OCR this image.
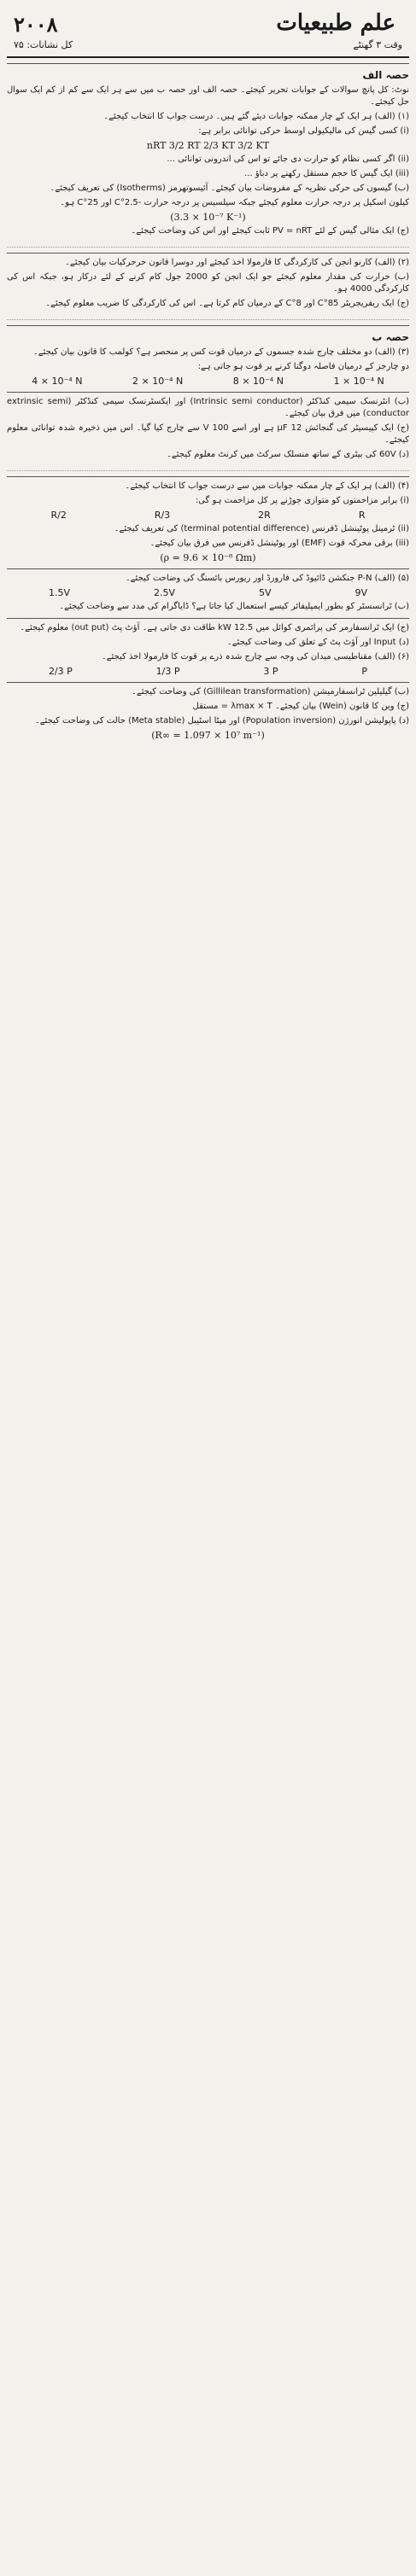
۲۰۰۸	علم طبیعیات
وقت ۳ گھنٹے
کل نشانات: ۷۵
حصہ الف

نوٹ: کل پانچ سوالات کے جوابات تحریر کیجئے۔ حصہ الف اور حصہ ب میں سے ہر ایک سے کم از کم ایک سوال حل کیجئے۔

(۱) (الف) ہر ایک کے چار ممکنہ جوابات دیئے گئے ہیں۔ درست جواب کا انتخاب کیجئے۔

(i) کسی گیس کی مالیکیولی اوسط حرکی توانائی برابر ہے:

nRT 3/2 RT 2/3 KT 3/2 KT

(ii) اگر کسی نظام کو حرارت دی جائے تو اس کی اندرونی توانائی ...

(iii) ایک گیس کا حجم مستقل رکھنے پر دباؤ ...

(ب) گیسوں کی حرکی نظریہ کے مفروضات بیان کیجئے۔ آئیسوتھرمز (Isotherms) کی تعریف کیجئے۔

کیلون اسکیل پر درجہ حرارت معلوم کیجئے جبکہ سیلسیس پر درجہ حرارت -2.5°C اور 25°C ہو۔

(3.3 × 10⁻⁷ K⁻¹)

(ج) ایک مثالی گیس کے لئے PV = nRT ثابت کیجئے اور اس کی وضاحت کیجئے۔

(۲) (الف) کارنو انجن کی کارکردگی کا فارمولا اخذ کیجئے اور دوسرا قانون حرحرکیات بیان کیجئے۔

(ب) حرارت کی مقدار معلوم کیجئے جو ایک انجن کو 2000 جول کام کرنے کے لئے درکار ہو، جبکہ اس کی کارکردگی 4000 ہو۔

(ج) ایک ریفریجریٹر 85°C اور 8°C کے درمیان کام کرتا ہے۔ اس کی کارکردگی کا ضریب معلوم کیجئے۔

حصہ ب

(۳) (الف) دو مختلف چارج شدہ جسموں کے درمیان قوت کس پر منحصر ہے؟ کولمب کا قانون بیان کیجئے۔

دو چارجز کے درمیان فاصلہ دوگنا کرنے پر قوت ہو جاتی ہے:

4 × 10⁻⁴ N	2 × 10⁻⁴ N	8 × 10⁻⁴ N	1 × 10⁻⁴ N

(ب) انٹرنسک سیمی کنڈکٹر (Intrinsic semi conductor) اور ایکسٹرنسک سیمی کنڈکٹر (extrinsic semi conductor) میں فرق بیان کیجئے۔

(ج) ایک کپیسیٹر کی گنجائش 12 μF ہے اور اسے 100 V سے چارج کیا گیا۔ اس میں ذخیرہ شدہ توانائی معلوم کیجئے۔

(د) 60V کی بیٹری کے ساتھ منسلک سرکٹ میں کرنٹ معلوم کیجئے۔

(۴) (الف) ہر ایک کے چار ممکنہ جوابات میں سے درست جواب کا انتخاب کیجئے۔

(i) برابر مزاحمتوں کو متوازی جوڑنے پر کل مزاحمت ہو گی:

R/2	R/3	2R	R

(ii) ٹرمینل پوٹینشل ڈفرنس (terminal potential difference) کی تعریف کیجئے۔

(iii) برقی محرکہ قوت (EMF) اور پوٹینشل ڈفرنس میں فرق بیان کیجئے۔

(ρ = 9.6 × 10⁻⁸ Ωm)

(۵) (الف) P-N جنکشن ڈائیوڈ کی فارورڈ اور ریورس بائسنگ کی وضاحت کیجئے۔

1.5V	2.5V	5V	9V

(ب) ٹرانسسٹر کو بطور ایمپلیفائر کیسے استعمال کیا جاتا ہے؟ ڈایاگرام کی مدد سے وضاحت کیجئے۔

(ج) ایک ٹرانسفارمر کی پرائمری کوائل میں 12.5 kW طاقت دی جاتی ہے۔ آؤٹ پٹ (out put) معلوم کیجئے۔

(د) Input اور آؤٹ پٹ کے تعلق کی وضاحت کیجئے۔

(۶) (الف) مقناطیسی میدان کی وجہ سے چارج شدہ ذرے پر قوت کا فارمولا اخذ کیجئے۔

2/3 P	1/3 P	3 P	P

(ب) گیلیلین ٹرانسفارمیشن (Gillilean transformation) کی وضاحت کیجئے۔

(ج) وین کا قانون (Wein) بیان کیجئے۔ λmax × T = مستقل

(د) پاپولیشن انورژن (Population inversion) اور میٹا اسٹیبل (Meta stable) حالت کی وضاحت کیجئے۔

(R∞ = 1.097 × 10⁷ m⁻¹)
